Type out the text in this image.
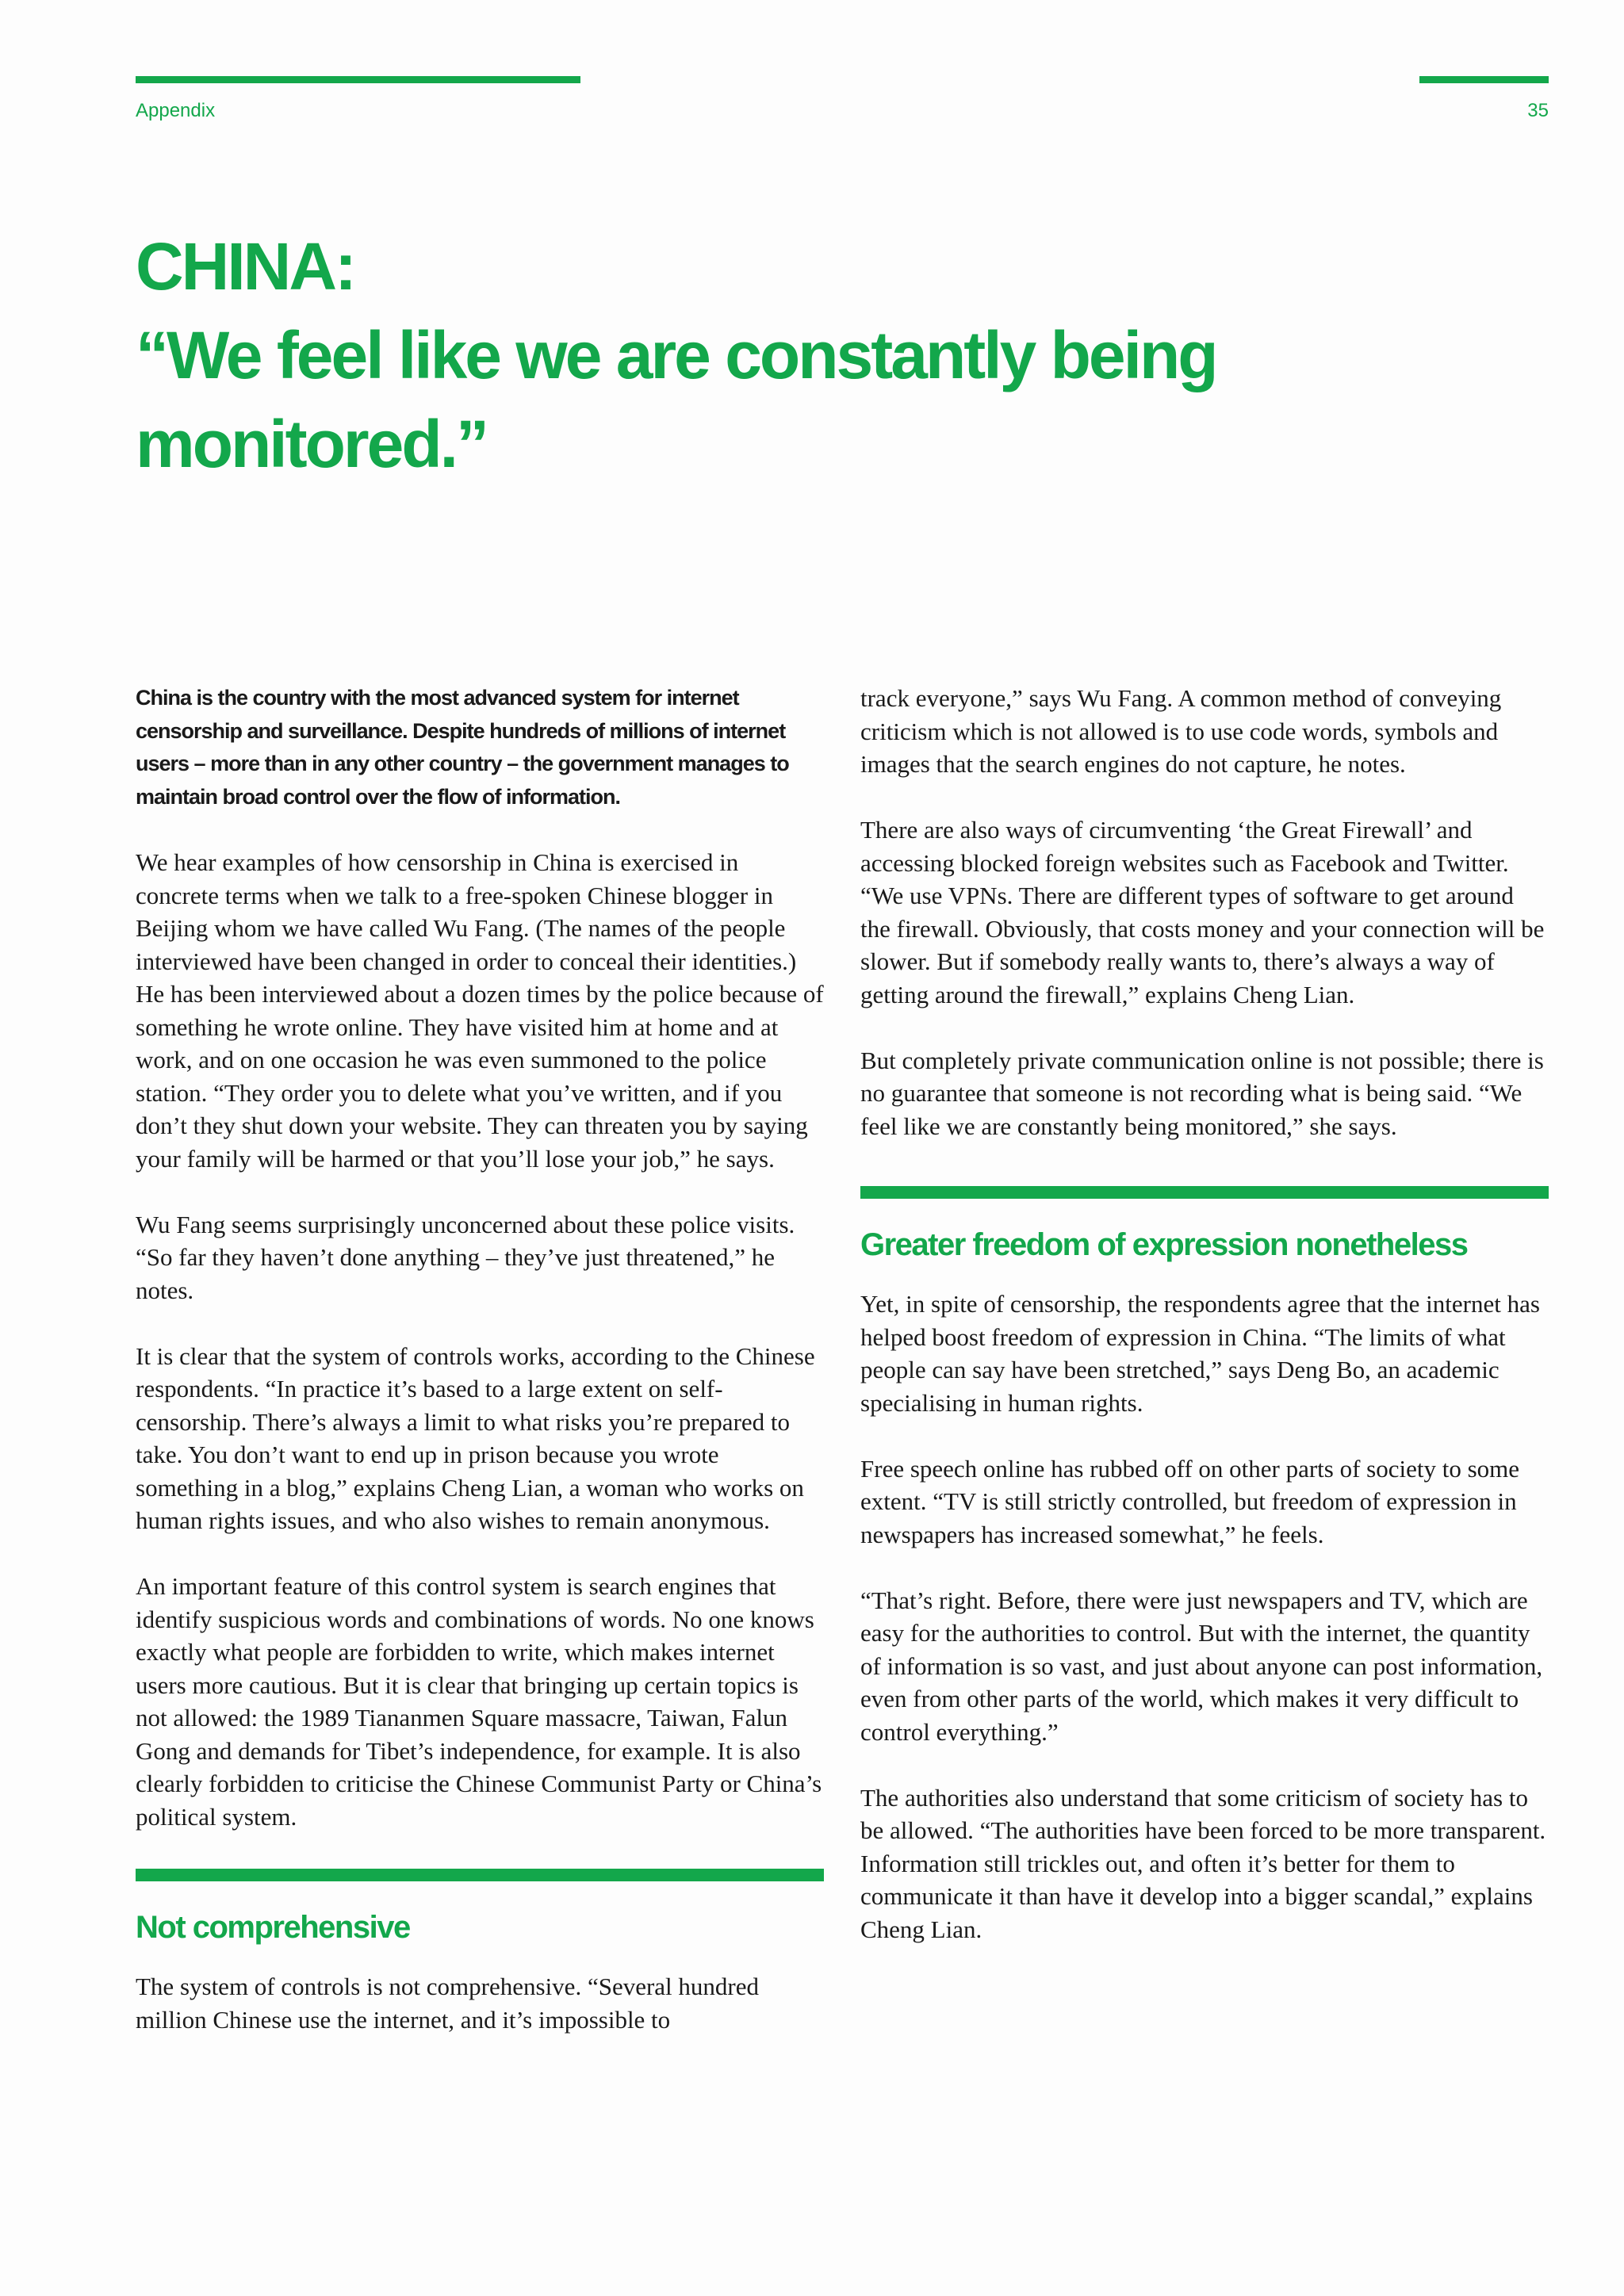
Appendix	35
CHINA:
“We feel like we are constantly being
monitored.”

China is the country with the most advanced system for internet censorship and surveillance. Despite hundreds of millions of internet users – more than in any other country – the government manages to maintain broad control over the flow of information.

We hear examples of how censorship in China is exercised in concrete terms when we talk to a free-spoken Chinese blogger in Beijing whom we have called Wu Fang. (The names of the people interviewed have been changed in order to conceal their identities.) He has been interviewed about a dozen times by the police because of something he wrote online. They have visited him at home and at work, and on one occasion he was even summoned to the police station. “They order you to delete what you’ve written, and if you don’t they shut down your website. They can threaten you by saying your family will be harmed or that you’ll lose your job,” he says.

Wu Fang seems surprisingly unconcerned about these police visits. “So far they haven’t done anything – they’ve just threatened,” he notes.

It is clear that the system of controls works, according to the Chinese respondents. “In practice it’s based to a large extent on self-censorship. There’s always a limit to what risks you’re prepared to take. You don’t want to end up in prison because you wrote something in a blog,” explains Cheng Lian, a woman who works on human rights issues, and who also wishes to remain anonymous.

An important feature of this control system is search engines that identify suspicious words and combinations of words. No one knows exactly what people are forbidden to write, which makes internet users more cautious. But it is clear that bringing up certain topics is not allowed: the 1989 Tiananmen Square massacre, Taiwan, Falun Gong and demands for Tibet’s independence, for example. It is also clearly forbidden to criticise the Chinese Communist Party or China’s political system.

Not comprehensive

The system of controls is not comprehensive. “Several hundred million Chinese use the internet, and it’s impossible to

track everyone,” says Wu Fang. A common method of conveying criticism which is not allowed is to use code words, symbols and images that the search engines do not capture, he notes.

There are also ways of circumventing ‘the Great Firewall’ and accessing blocked foreign websites such as Facebook and Twitter. “We use VPNs. There are different types of software to get around the firewall. Obviously, that costs money and your connection will be slower. But if somebody really wants to, there’s always a way of getting around the firewall,” explains Cheng Lian.

But completely private communication online is not possible; there is no guarantee that someone is not recording what is being said. “We feel like we are constantly being monitored,” she says.

Greater freedom of expression nonetheless

Yet, in spite of censorship, the respondents agree that the internet has helped boost freedom of expression in China. “The limits of what people can say have been stretched,” says Deng Bo, an academic specialising in human rights.

Free speech online has rubbed off on other parts of society to some extent. “TV is still strictly controlled, but freedom of expression in newspapers has increased somewhat,” he feels.

“That’s right. Before, there were just newspapers and TV, which are easy for the authorities to control. But with the internet, the quantity of information is so vast, and just about anyone can post information, even from other parts of the world, which makes it very difficult to control everything.”

The authorities also understand that some criticism of society has to be allowed. “The authorities have been forced to be more transparent. Information still trickles out, and often it’s better for them to communicate it than have it develop into a bigger scandal,” explains Cheng Lian.
